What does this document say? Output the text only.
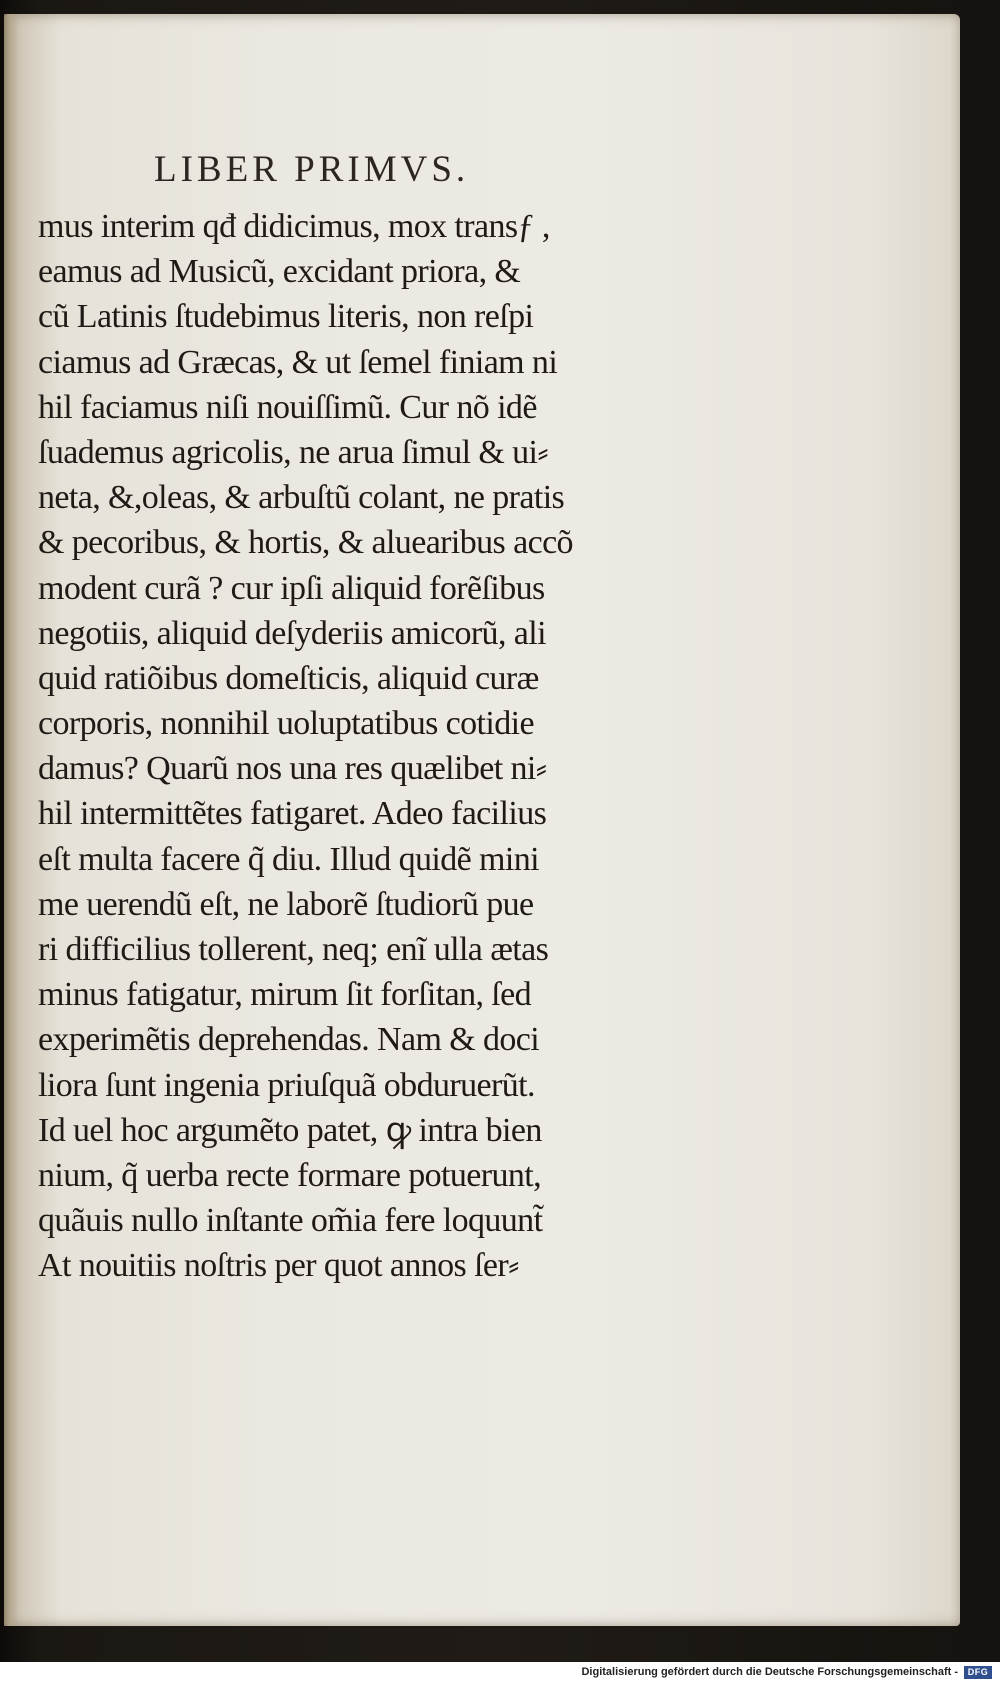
LIBER PRIMVS.
mus interim qđ didicimus, mox transƒ ,
eamus ad Musicũ, excidant priora, &
cũ Latinis ſtudebimus literis, non reſpi
ciamus ad Græcas, & ut ſemel finiam ni
hil faciamus niſi nouiſſimũ. Cur nõ idẽ
ſuademus agricolis, ne arua ſimul & ui⸗
neta, &,oleas, & arbuſtũ colant, ne pratis
& pecoribus, & hortis, & aluearibus accõ
modent curã ? cur ipſi aliquid forẽſibus
negotiis, aliquid deſyderiis amicorũ, ali
quid ratiõibus domeſticis, aliquid curæ
corporis, nonnihil uoluptatibus cotidie
damus? Quarũ nos una res quælibet ni⸗
hil intermittẽtes fatigaret. Adeo facilius
eſt multa facere q̃ diu. Illud quidẽ mini
me uerendũ eſt, ne laborẽ ſtudiorũ pue
ri difficilius tollerent, neq; enĩ ulla ætas
minus fatigatur, mirum ſit forſitan, ſed
experimẽtis deprehendas. Nam & doci
liora ſunt ingenia priuſquã obduruerũt.
Id uel hoc argumẽto patet, ꝙ intra bien
nium, q̃ uerba recte formare potuerunt,
quãuis nullo inſtante om̃ia fere loquunt̃
At nouitiis noſtris per quot annos ſer⸗
Digitalisierung gefördert durch die Deutsche Forschungsgemeinschaft -	DFG
